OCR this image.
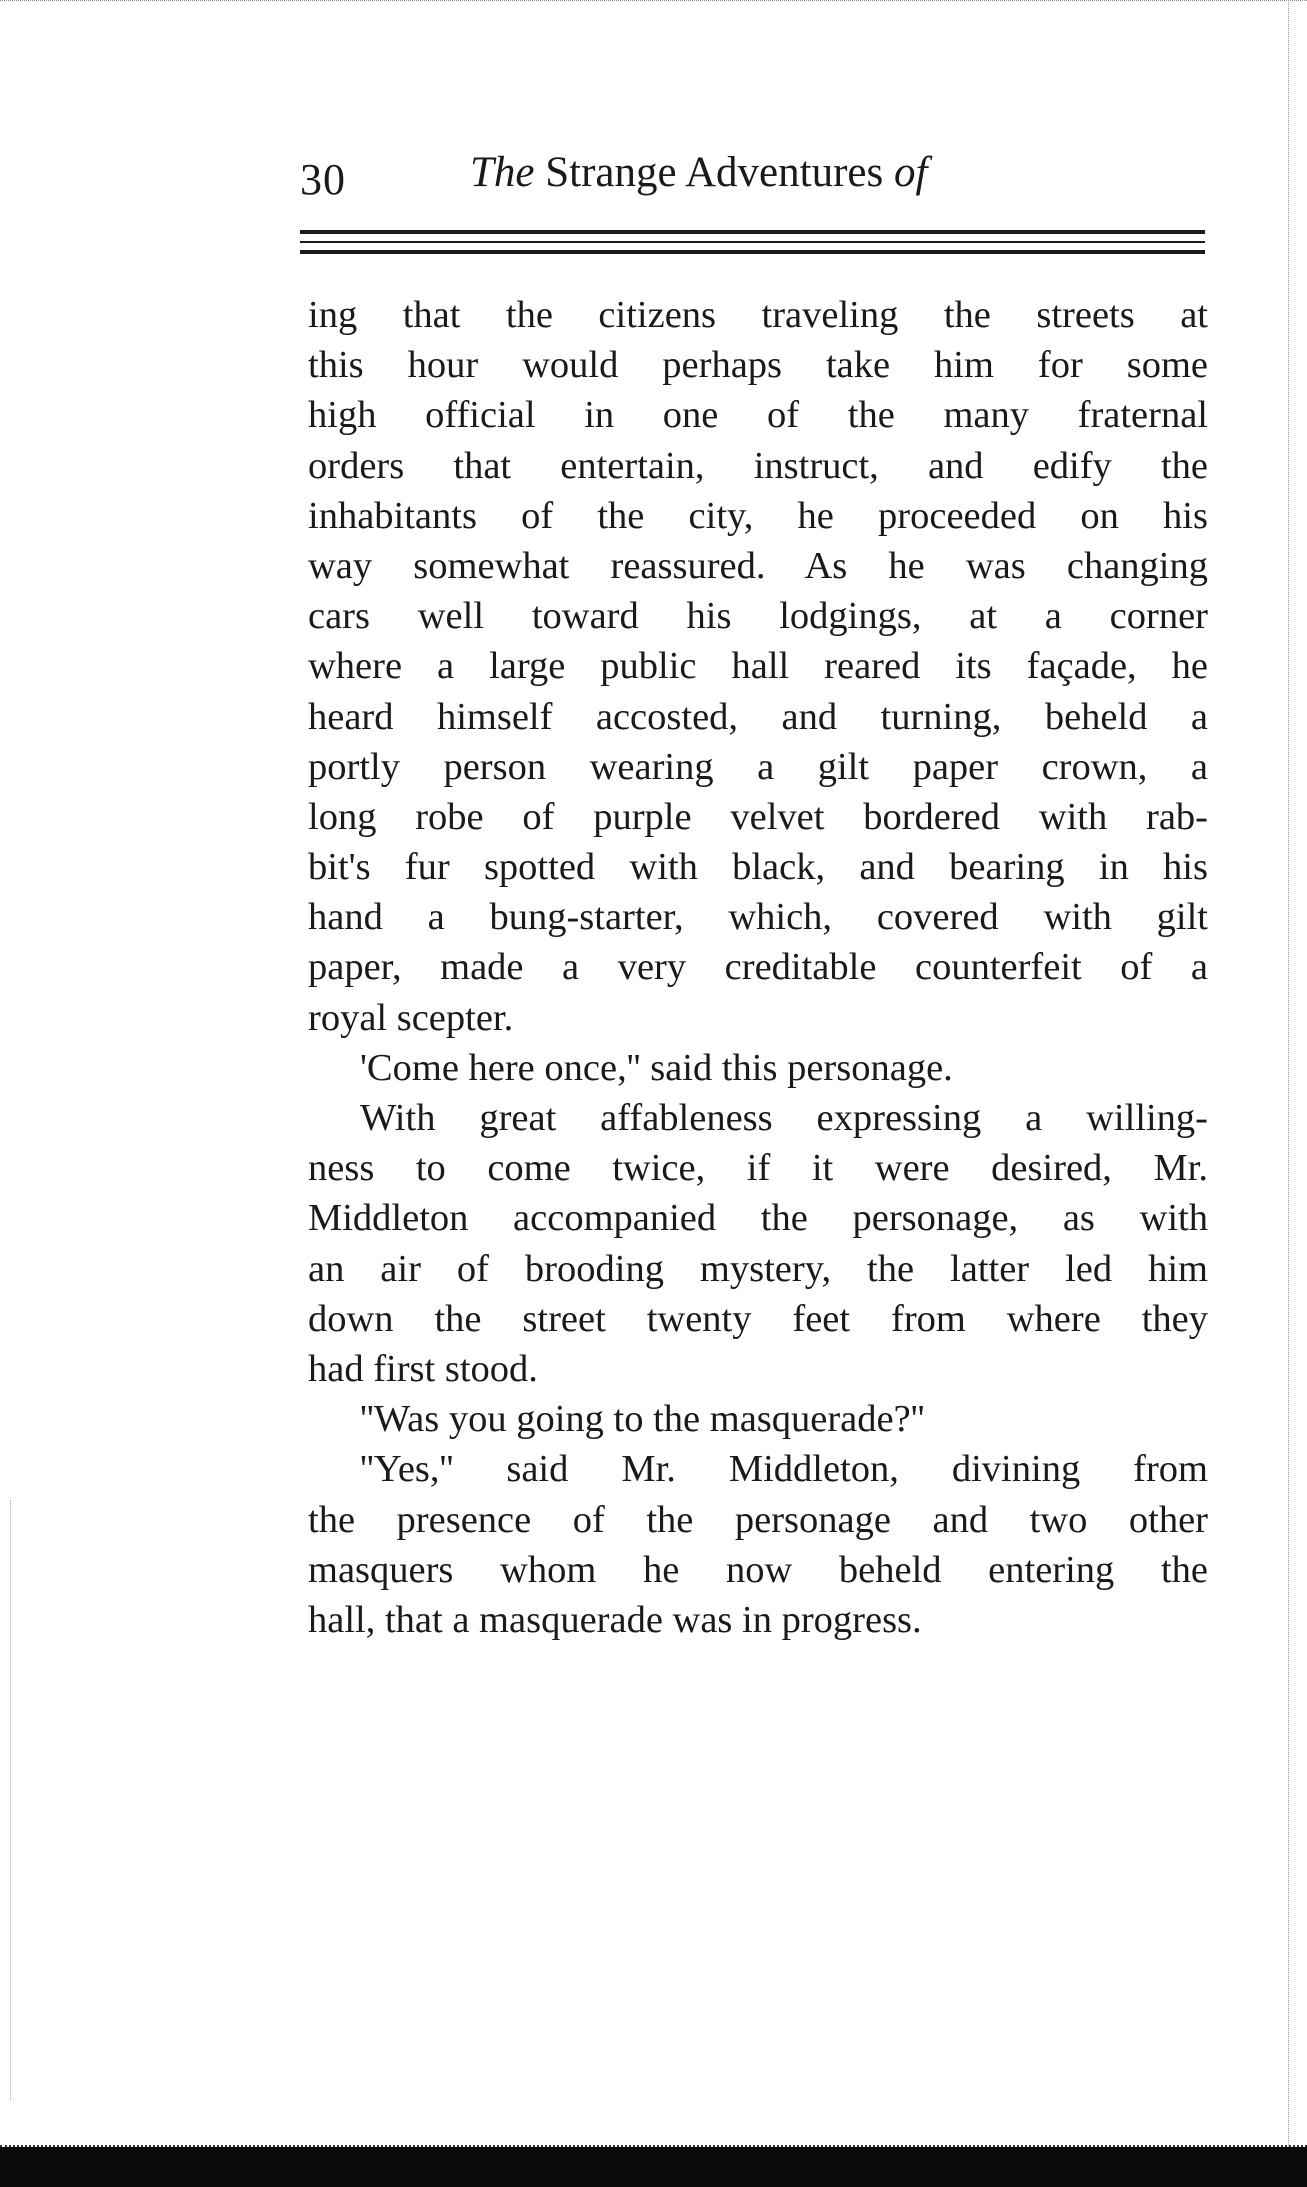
30	The Strange Adventures of
ing that the citizens traveling the streets at
this hour would perhaps take him for some
high official in one of the many fraternal
orders that entertain, instruct, and edify the
inhabitants of the city, he proceeded on his
way somewhat reassured. As he was changing
cars well toward his lodgings, at a corner
where a large public hall reared its façade, he
heard himself accosted, and turning, beheld a
portly person wearing a gilt paper crown, a
long robe of purple velvet bordered with rab-
bit's fur spotted with black, and bearing in his
hand a bung-starter, which, covered with gilt
paper, made a very creditable counterfeit of a
royal scepter.
'Come here once,'' said this personage.
With great affableness expressing a willing-
ness to come twice, if it were desired, Mr.
Middleton accompanied the personage, as with
an air of brooding mystery, the latter led him
down the street twenty feet from where they
had first stood.
''Was you going to the masquerade?''
''Yes,'' said Mr. Middleton, divining from
the presence of the personage and two other
masquers whom he now beheld entering the
hall, that a masquerade was in progress.
